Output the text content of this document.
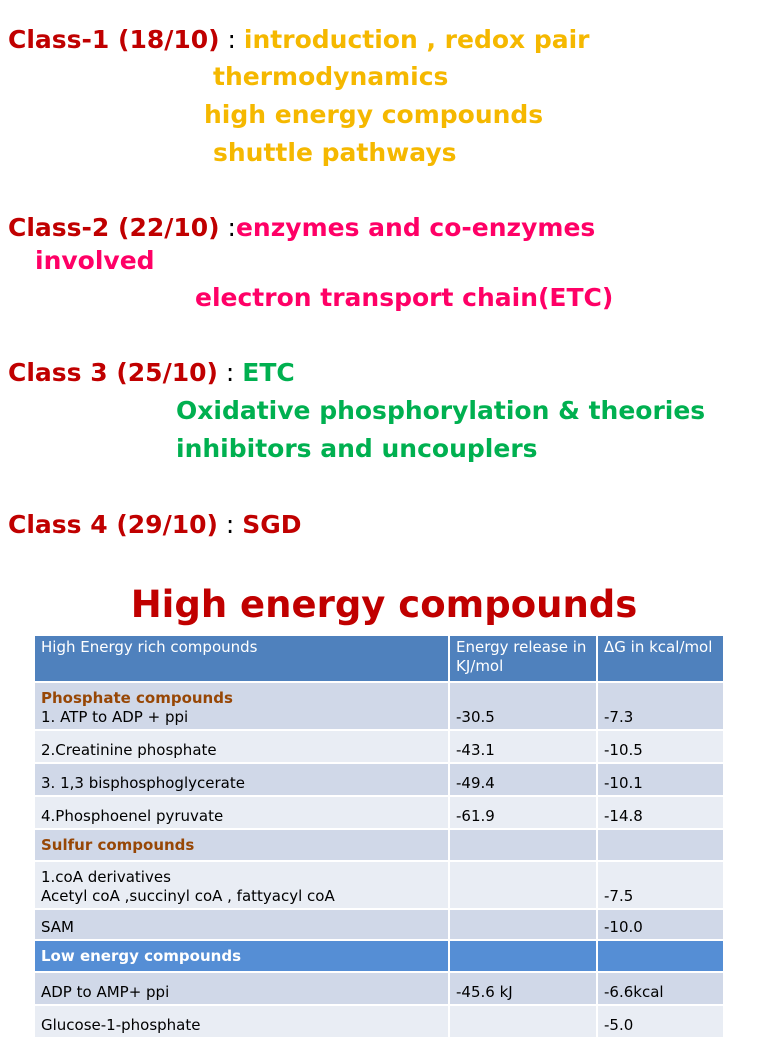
Class-1 (18/10) : introduction , redox pair
thermodynamics
high energy compounds
shuttle pathways
Class-2 (22/10) :enzymes and co-enzymes
involved
electron transport chain(ETC)
Class 3 (25/10) : ETC
Oxidative phosphorylation & theories
inhibitors and uncouplers
Class 4 (29/10) : SGD
High energy compounds
High Energy rich compounds	Energy release in KJ/mol	ΔG in kcal/mol

Phosphate compounds
1. ATP to ADP + ppi	-30.5	-7.3
2.Creatinine phosphate	-43.1	-10.5
3. 1,3 bisphosphoglycerate	-49.4	-10.1
4.Phosphoenel pyruvate	-61.9	-14.8
Sulfur compounds		

1.coA derivatives
Acetyl coA ,succinyl coA , fattyacyl coA		-7.5
SAM		-10.0
Low energy compounds		
ADP to AMP+ ppi	-45.6 kJ	-6.6kcal
Glucose-1-phosphate		-5.0
